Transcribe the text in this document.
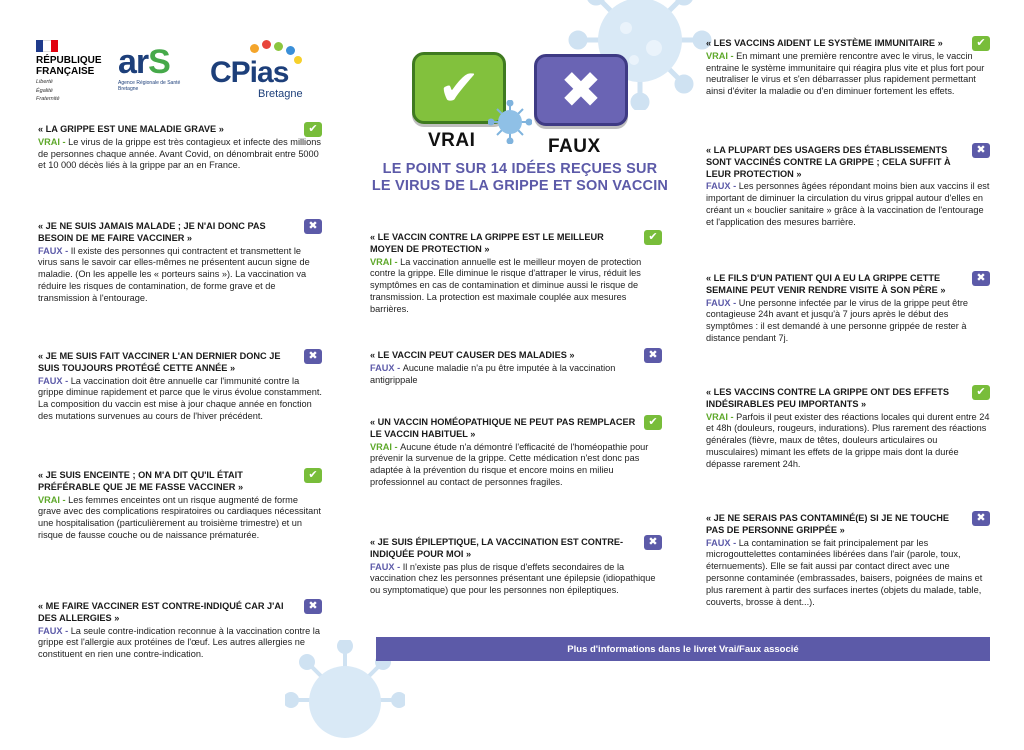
RÉPUBLIQUE
FRANÇAISE
Liberté
Égalité
Fraternité
arS
Agence Régionale de Santé
Bretagne	CPias
Bretagne	✔	✖
VRAI	FAUX
LE POINT SUR 14 IDÉES REÇUES SUR
LE VIRUS DE LA GRIPPE ET SON VACCIN
« LA GRIPPE EST UNE MALADIE GRAVE »	✔
VRAI - Le virus de la grippe est très contagieux et infecte des millions de personnes chaque année. Avant Covid, on dénombrait entre 5000 et 10 000 décès liés à la grippe par an en France.
« JE NE SUIS JAMAIS MALADE ; JE N'AI DONC PAS BESOIN DE ME FAIRE VACCINER »
✖
FAUX - Il existe des personnes qui contractent et transmettent le virus sans le savoir car elles-mêmes ne présentent aucun signe de maladie. (On les appelle les « porteurs sains »). La vaccination va réduire les risques de contamination, de forme grave et de transmission à l'entourage.
« JE ME SUIS FAIT VACCINER L'AN DERNIER DONC JE SUIS TOUJOURS PROTÉGÉ CETTE ANNÉE »
✖
FAUX - La vaccination doit être annuelle car l'immunité contre la grippe diminue rapidement et parce que le virus évolue constamment. La composition du vaccin est mise à jour chaque année en fonction des mutations survenues au cours de l'hiver précédent.
« JE SUIS ENCEINTE ; ON M'A DIT QU'IL ÉTAIT PRÉFÉRABLE QUE JE ME FASSE VACCINER »
✔
VRAI - Les femmes enceintes ont un risque augmenté de forme grave avec des complications respiratoires ou cardiaques nécessitant une hospitalisation (particulièrement au troisième trimestre) et un risque de fausse couche ou de naissance prématurée.
« ME FAIRE VACCINER EST CONTRE-INDIQUÉ CAR J'AI DES ALLERGIES »
✖
FAUX - La seule contre-indication reconnue à la vaccination contre la grippe est l'allergie aux protéines de l'œuf. Les autres allergies ne constituent en rien une contre-indication.
« LE VACCIN CONTRE LA GRIPPE EST LE MEILLEUR MOYEN DE PROTECTION »
✔
VRAI - La vaccination annuelle est le meilleur moyen de protection contre la grippe. Elle diminue le risque d'attraper le virus, réduit les symptômes en cas de contamination et diminue aussi le risque de transmission. La protection est maximale couplée aux mesures barrières.
« LE VACCIN PEUT CAUSER DES MALADIES »	✖
FAUX - Aucune maladie n'a pu être imputée à la vaccination antigrippale
« UN VACCIN HOMÉOPATHIQUE NE PEUT PAS REMPLACER LE VACCIN HABITUEL »
✔
VRAI - Aucune étude n'a démontré l'efficacité de l'homéopathie pour prévenir la survenue de la grippe. Cette médication n'est donc pas adaptée à la prévention du risque et encore moins en milieu professionnel au contact de personnes fragiles.
« JE SUIS ÉPILEPTIQUE, LA VACCINATION EST CONTRE-INDIQUÉE POUR MOI »
✖
FAUX - Il n'existe pas plus de risque d'effets secondaires de la vaccination chez les personnes présentant une épilepsie (idiopathique ou symptomatique) que pour les personnes non épileptiques.
« LES VACCINS AIDENT LE SYSTÈME IMMUNITAIRE »	✔
VRAI - En mimant une première rencontre avec le virus, le vaccin entraine le système immunitaire qui réagira plus vite et plus fort pour neutraliser le virus et s'en débarrasser plus rapidement permettant ainsi d'éviter la maladie ou d'en diminuer fortement les effets.
« LA PLUPART DES USAGERS DES ÉTABLISSEMENTS SONT VACCINÉS CONTRE LA GRIPPE ; CELA SUFFIT À LEUR PROTECTION »
✖
FAUX - Les personnes âgées répondant moins bien aux vaccins il est important de diminuer la circulation du virus grippal autour d'elles en créant un « bouclier sanitaire » grâce à la vaccination de l'entourage et l'application des mesures barrière.
« LE FILS D'UN PATIENT QUI A EU LA GRIPPE CETTE SEMAINE PEUT VENIR RENDRE VISITE À SON PÈRE »
✖
FAUX - Une personne infectée par le virus de la grippe peut être contagieuse 24h avant et jusqu'à 7 jours après le début des symptômes : il est demandé à une personne grippée de rester à distance pendant 7j.
« LES VACCINS CONTRE LA GRIPPE ONT DES EFFETS INDÉSIRABLES PEU IMPORTANTS »
✔
VRAI - Parfois il peut exister des réactions locales qui durent entre 24 et 48h (douleurs, rougeurs, indurations). Plus rarement des réactions générales (fièvre, maux de têtes, douleurs articulaires ou musculaires) mimant les effets de la grippe mais dont la durée dépasse rarement 24h.
« JE NE SERAIS PAS CONTAMINÉ(E) SI JE NE TOUCHE PAS DE PERSONNE GRIPPÉE »
✖
FAUX - La contamination se fait principalement par les microgouttelettes contaminées libérées dans l'air (parole, toux, éternuements). Elle se fait aussi par contact direct avec une personne contaminée (embrassades, baisers, poignées de mains et plus rarement à partir des surfaces inertes (objets du malade, table, couverts, brosse à dent...).
Plus d'informations dans le livret Vrai/Faux associé
